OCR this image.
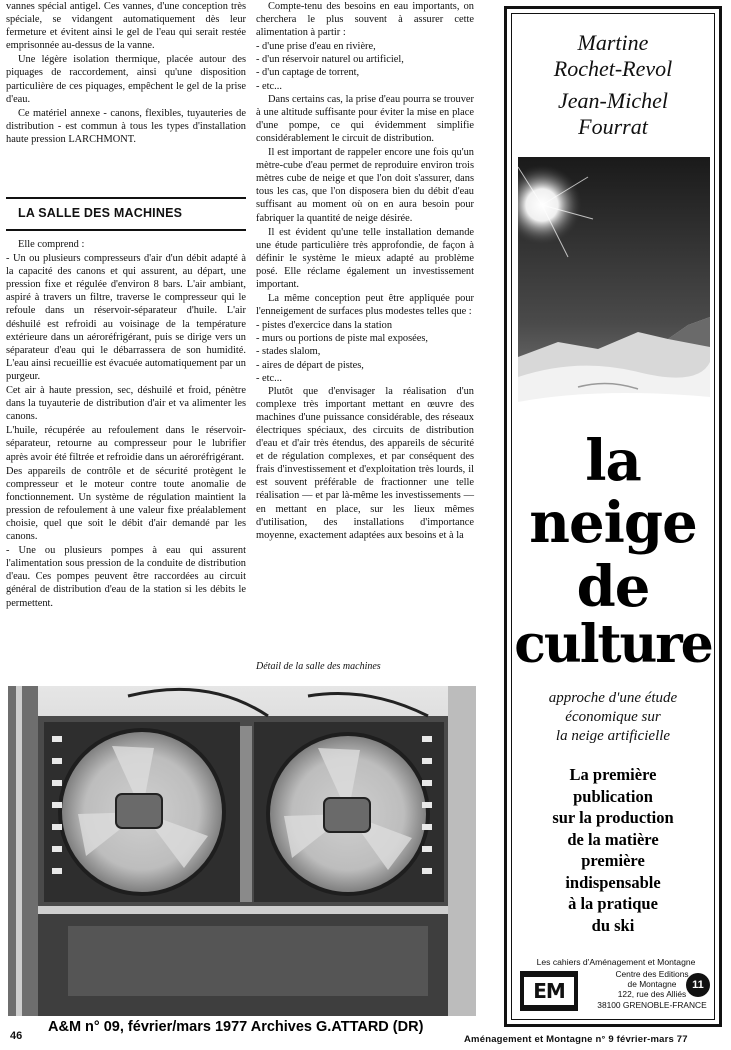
vannes spécial antigel. Ces vannes, d'une conception très spéciale, se vidangent automatiquement dès leur fermeture et évitent ainsi le gel de l'eau qui serait restée emprisonnée au-dessus de la vanne.

Une légère isolation thermique, placée autour des piquages de raccordement, ainsi qu'une disposition particulière de ces piquages, empêchent le gel de la prise d'eau.

Ce matériel annexe - canons, flexibles, tuyauteries de distribution - est commun à tous les types d'installation haute pression LARCHMONT.

LA SALLE DES MACHINES

Elle comprend :

- Un ou plusieurs compresseurs d'air d'un débit adapté à la capacité des canons et qui assurent, au départ, une pression fixe et régulée d'environ 8 bars. L'air ambiant, aspiré à travers un filtre, traverse le compresseur qui le refoule dans un réservoir-séparateur d'huile. L'air déshuilé est refroidi au voisinage de la température extérieure dans un aéroréfrigérant, puis se dirige vers un séparateur d'eau qui le débarrassera de son humidité. L'eau ainsi recueillie est évacuée automatiquement par un purgeur.

Cet air à haute pression, sec, déshuilé et froid, pénètre dans la tuyauterie de distribution d'air et va alimenter les canons.

L'huile, récupérée au refoulement dans le réservoir-séparateur, retourne au compresseur pour le lubrifier après avoir été filtrée et refroidie dans un aéroréfrigérant.

Des appareils de contrôle et de sécurité protègent le compresseur et le moteur contre toute anomalie de fonctionnement. Un système de régulation maintient la pression de refoulement à une valeur fixe préalablement choisie, quel que soit le débit d'air demandé par les canons.

- Une ou plusieurs pompes à eau qui assurent l'alimentation sous pression de la conduite de distribution d'eau. Ces pompes peuvent être raccordées au circuit général de distribution d'eau de la station si les débits le permettent.

Compte-tenu des besoins en eau importants, on cherchera le plus souvent à assurer cette alimentation à partir :

- d'une prise d'eau en rivière,
- d'un réservoir naturel ou artificiel,
- d'un captage de torrent,
- etc...

Dans certains cas, la prise d'eau pourra se trouver à une altitude suffisante pour éviter la mise en place d'une pompe, ce qui évidemment simplifie considérablement le circuit de distribution.

Il est important de rappeler encore une fois qu'un mètre-cube d'eau permet de reproduire environ trois mètres cube de neige et que l'on doit s'assurer, dans tous les cas, que l'on disposera bien du débit d'eau suffisant au moment où on en aura besoin pour fabriquer la quantité de neige désirée.

Il est évident qu'une telle installation demande une étude particulière très approfondie, de façon à définir le système le mieux adapté au problème posé. Elle réclame également un investissement important.

La même conception peut être appliquée pour l'enneigement de surfaces plus modestes telles que :

- pistes d'exercice dans la station
- murs ou portions de piste mal exposées,
- stades slalom,
- aires de départ de pistes,
- etc...

Plutôt que d'envisager la réalisation d'un complexe très important mettant en œuvre des machines d'une puissance considérable, des réseaux électriques spéciaux, des circuits de distribution d'eau et d'air très étendus, des appareils de sécurité et de régulation complexes, et par conséquent des frais d'investissement et d'exploitation très lourds, il est souvent préférable de fractionner une telle réalisation — et par là-même les investissements — en mettant en place, sur les lieux mêmes d'utilisation, des installations d'importance moyenne, exactement adaptées aux besoins et à la

Détail de la salle des machines
Martine
Rochet-Revol
Jean-Michel
Fourrat
la
neige
de
culture
approche d'une étude
économique sur
la neige artificielle
La première
publication
sur la production
de la matière
première
indispensable
à la pratique
du ski
Les cahiers d'Aménagement et Montagne
EM
Centre des Editions
de Montagne
122, rue des Alliés
38100 GRENOBLE-FRANCE
11
46
A&M n° 09, février/mars 1977 Archives G.ATTARD (DR)
Aménagement et Montagne n° 9 février-mars 77
